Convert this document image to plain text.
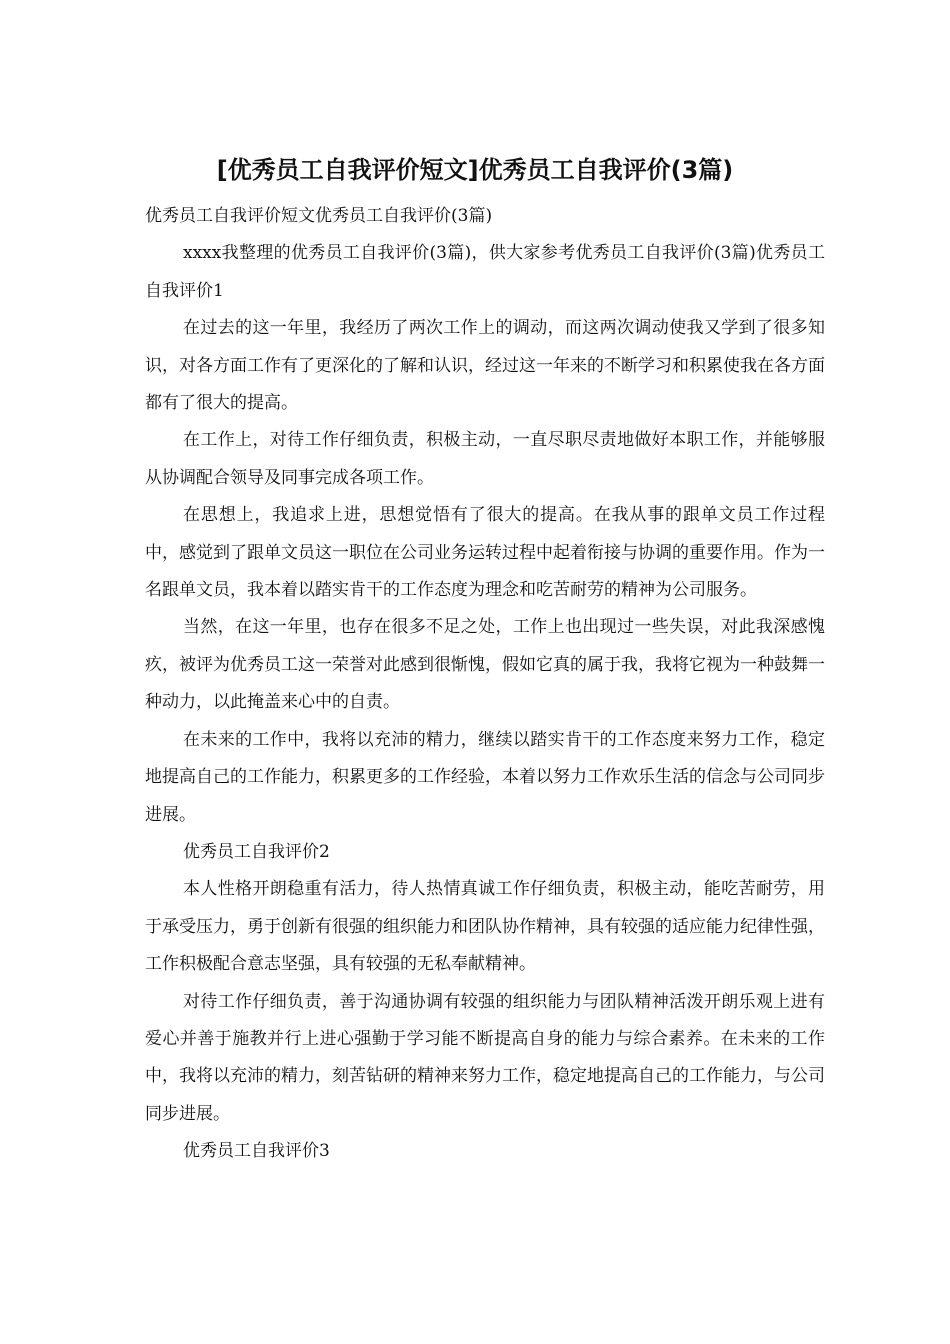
[优秀员工自我评价短文]优秀员工自我评价(3篇)

优秀员工自我评价短文优秀员工自我评价(3篇)

xxxx我整理的优秀员工自我评价(3篇)，供大家参考优秀员工自我评价(3篇)优秀员工自我评价1

在过去的这一年里，我经历了两次工作上的调动，而这两次调动使我又学到了很多知识，对各方面工作有了更深化的了解和认识，经过这一年来的不断学习和积累使我在各方面都有了很大的提高。

在工作上，对待工作仔细负责，积极主动，一直尽职尽责地做好本职工作，并能够服从协调配合领导及同事完成各项工作。

在思想上，我追求上进，思想觉悟有了很大的提高。在我从事的跟单文员工作过程中，感觉到了跟单文员这一职位在公司业务运转过程中起着衔接与协调的重要作用。作为一名跟单文员，我本着以踏实肯干的工作态度为理念和吃苦耐劳的精神为公司服务。

当然，在这一年里，也存在很多不足之处，工作上也出现过一些失误，对此我深感愧疚，被评为优秀员工这一荣誉对此感到很惭愧，假如它真的属于我，我将它视为一种鼓舞一种动力，以此掩盖来心中的自责。

在未来的工作中，我将以充沛的精力，继续以踏实肯干的工作态度来努力工作，稳定地提高自己的工作能力，积累更多的工作经验，本着以努力工作欢乐生活的信念与公司同步进展。

优秀员工自我评价2

本人性格开朗稳重有活力，待人热情真诚工作仔细负责，积极主动，能吃苦耐劳，用于承受压力，勇于创新有很强的组织能力和团队协作精神，具有较强的适应能力纪律性强，工作积极配合意志坚强，具有较强的无私奉献精神。

对待工作仔细负责，善于沟通协调有较强的组织能力与团队精神活泼开朗乐观上进有爱心并善于施教并行上进心强勤于学习能不断提高自身的能力与综合素养。在未来的工作中，我将以充沛的精力，刻苦钻研的精神来努力工作，稳定地提高自己的工作能力，与公司同步进展。

优秀员工自我评价3
